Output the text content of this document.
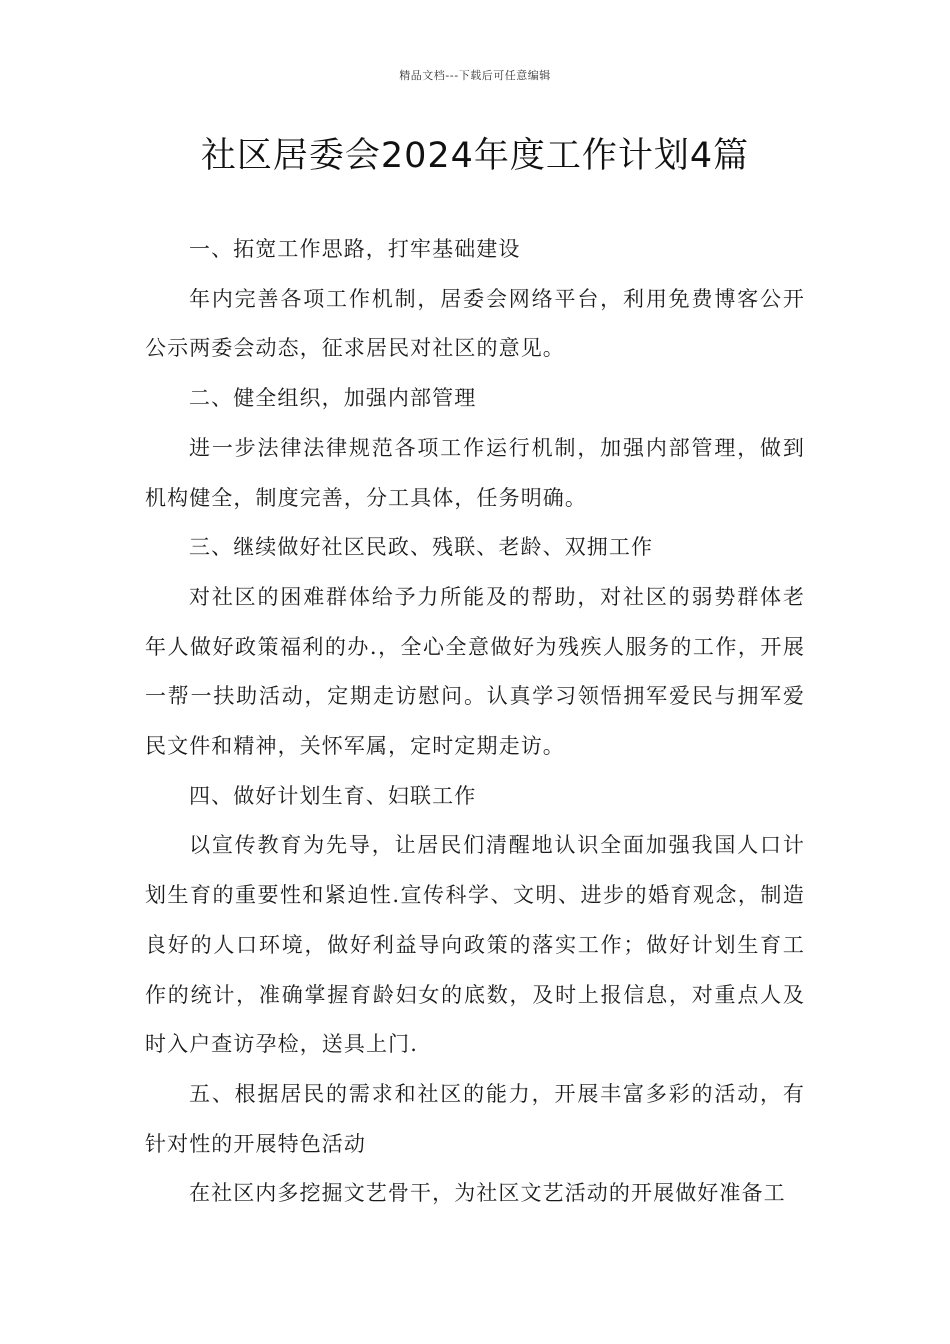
精品文档---下载后可任意编辑
社区居委会2024年度工作计划4篇

一、拓宽工作思路，打牢基础建设

年内完善各项工作机制，居委会网络平台，利用免费博客公开公示两委会动态，征求居民对社区的意见。

二、健全组织，加强内部管理

进一步法律法律规范各项工作运行机制，加强内部管理，做到机构健全，制度完善，分工具体，任务明确。

三、继续做好社区民政、残联、老龄、双拥工作

对社区的困难群体给予力所能及的帮助，对社区的弱势群体老年人做好政策福利的办.，全心全意做好为残疾人服务的工作，开展一帮一扶助活动，定期走访慰问。认真学习领悟拥军爱民与拥军爱民文件和精神，关怀军属，定时定期走访。

四、做好计划生育、妇联工作

以宣传教育为先导，让居民们清醒地认识全面加强我国人口计划生育的重要性和紧迫性.宣传科学、文明、进步的婚育观念，制造良好的人口环境，做好利益导向政策的落实工作；做好计划生育工作的统计，准确掌握育龄妇女的底数，及时上报信息，对重点人及时入户查访孕检，送具上门.

五、根据居民的需求和社区的能力，开展丰富多彩的活动，有针对性的开展特色活动

在社区内多挖掘文艺骨干，为社区文艺活动的开展做好准备工
